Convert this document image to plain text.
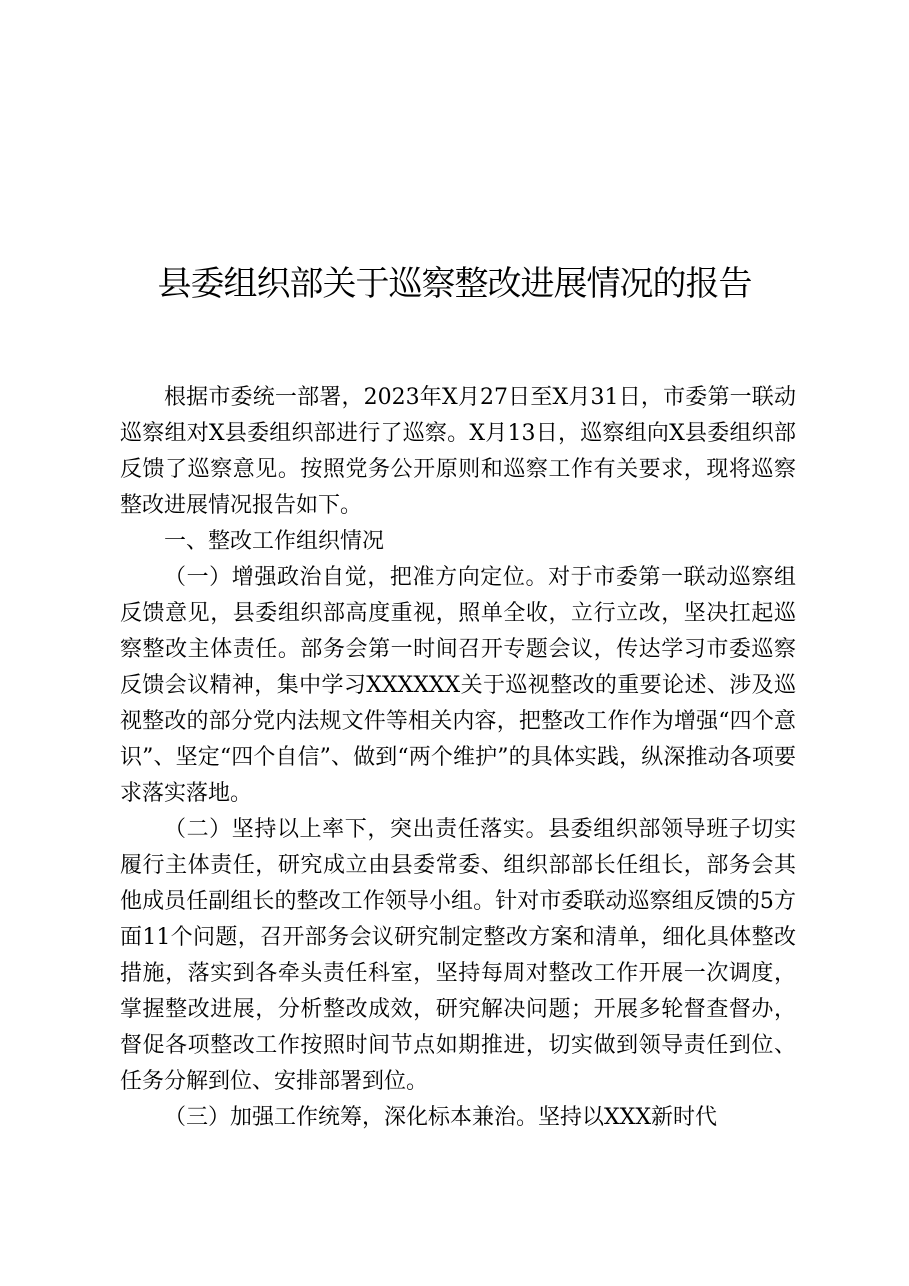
县委组织部关于巡察整改进展情况的报告

根据市委统一部署，2023年X月27日至X月31日，市委第一联动巡察组对X县委组织部进行了巡察。X月13日，巡察组向X县委组织部反馈了巡察意见。按照党务公开原则和巡察工作有关要求，现将巡察整改进展情况报告如下。

一、整改工作组织情况

（一）增强政治自觉，把准方向定位。对于市委第一联动巡察组反馈意见，县委组织部高度重视，照单全收，立行立改，坚决扛起巡察整改主体责任。部务会第一时间召开专题会议，传达学习市委巡察反馈会议精神，集中学习XXXXXX关于巡视整改的重要论述、涉及巡视整改的部分党内法规文件等相关内容，把整改工作作为增强“四个意识”、坚定“四个自信”、做到“两个维护”的具体实践，纵深推动各项要求落实落地。

（二）坚持以上率下，突出责任落实。县委组织部领导班子切实履行主体责任，研究成立由县委常委、组织部部长任组长，部务会其他成员任副组长的整改工作领导小组。针对市委联动巡察组反馈的5方面11个问题，召开部务会议研究制定整改方案和清单，细化具体整改措施，落实到各牵头责任科室，坚持每周对整改工作开展一次调度，掌握整改进展，分析整改成效，研究解决问题；开展多轮督查督办，督促各项整改工作按照时间节点如期推进，切实做到领导责任到位、任务分解到位、安排部署到位。

（三）加强工作统筹，深化标本兼治。坚持以XXX新时代
